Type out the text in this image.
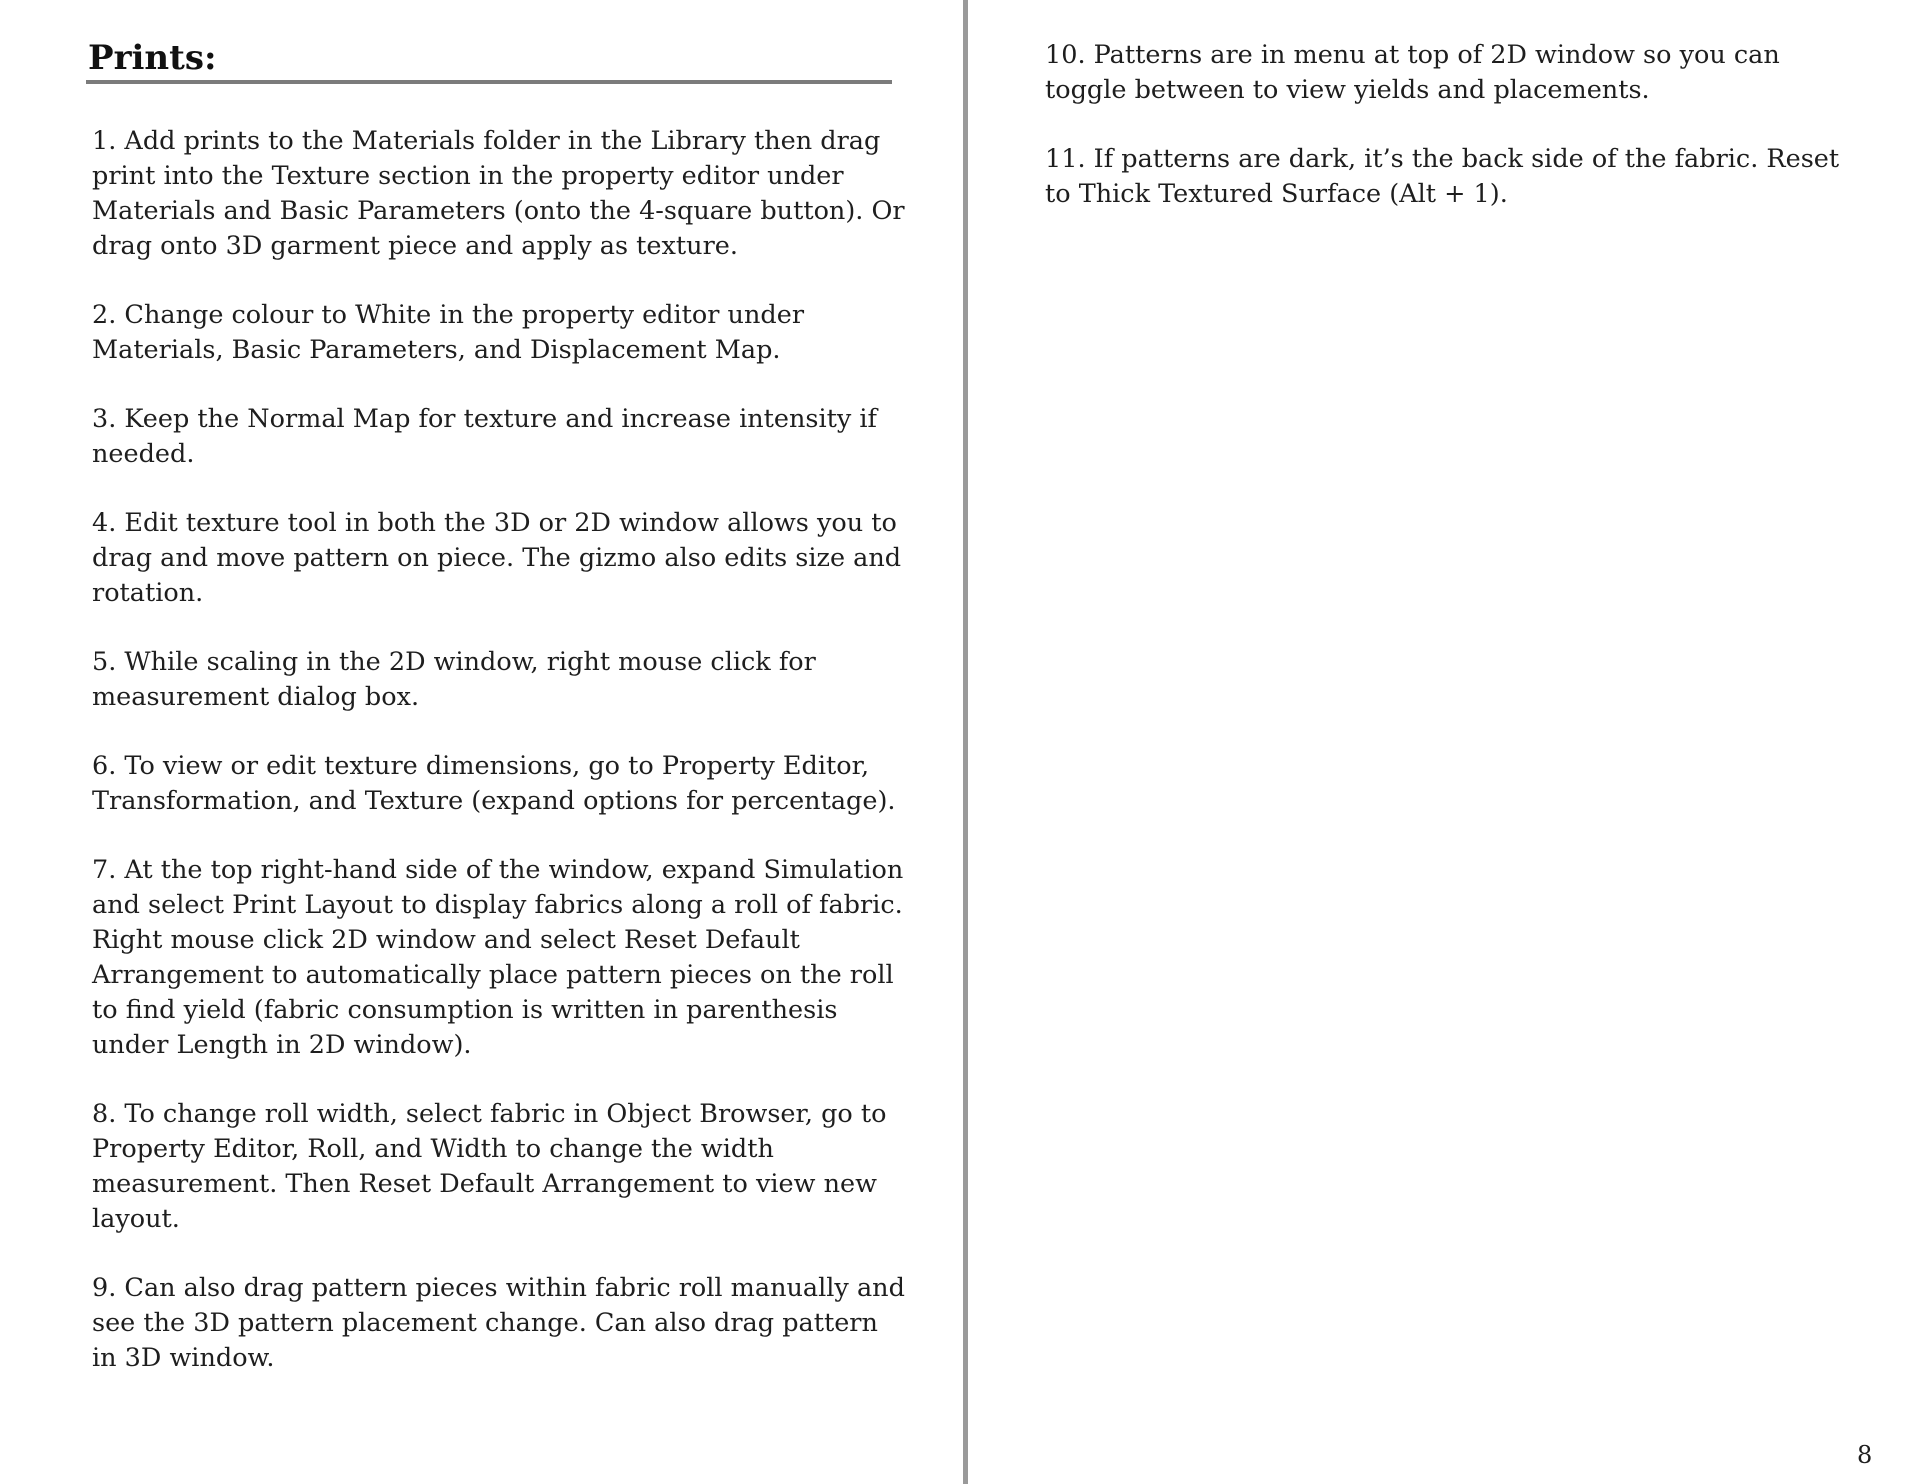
Prints:
1. Add prints to the Materials folder in the Library then drag print into the Texture section in the property editor under Materials and Basic Parameters (onto the 4-square button). Or drag onto 3D garment piece and apply as texture.
2. Change colour to White in the property editor under Materials, Basic Parameters, and Displacement Map.
3. Keep the Normal Map for texture and increase intensity if needed.
4. Edit texture tool in both the 3D or 2D window allows you to drag and move pattern on piece. The gizmo also edits size and rotation.
5. While scaling in the 2D window, right mouse click for measurement dialog box.
6. To view or edit texture dimensions, go to Property Editor, Transformation, and Texture (expand options for percentage).
7. At the top right-hand side of the window, expand Simulation and select Print Layout to display fabrics along a roll of fabric. Right mouse click 2D window and select Reset Default Arrangement to automatically place pattern pieces on the roll to find yield (fabric consumption is written in parenthesis under Length in 2D window).
8. To change roll width, select fabric in Object Browser, go to Property Editor, Roll, and Width to change the width measurement. Then Reset Default Arrangement to view new layout.
9. Can also drag pattern pieces within fabric roll manually and see the 3D pattern placement change. Can also drag pattern in 3D window.
10. Patterns are in menu at top of 2D window so you can toggle between to view yields and placements.
11. If patterns are dark, it’s the back side of the fabric. Reset to Thick Textured Surface (Alt + 1).
8
